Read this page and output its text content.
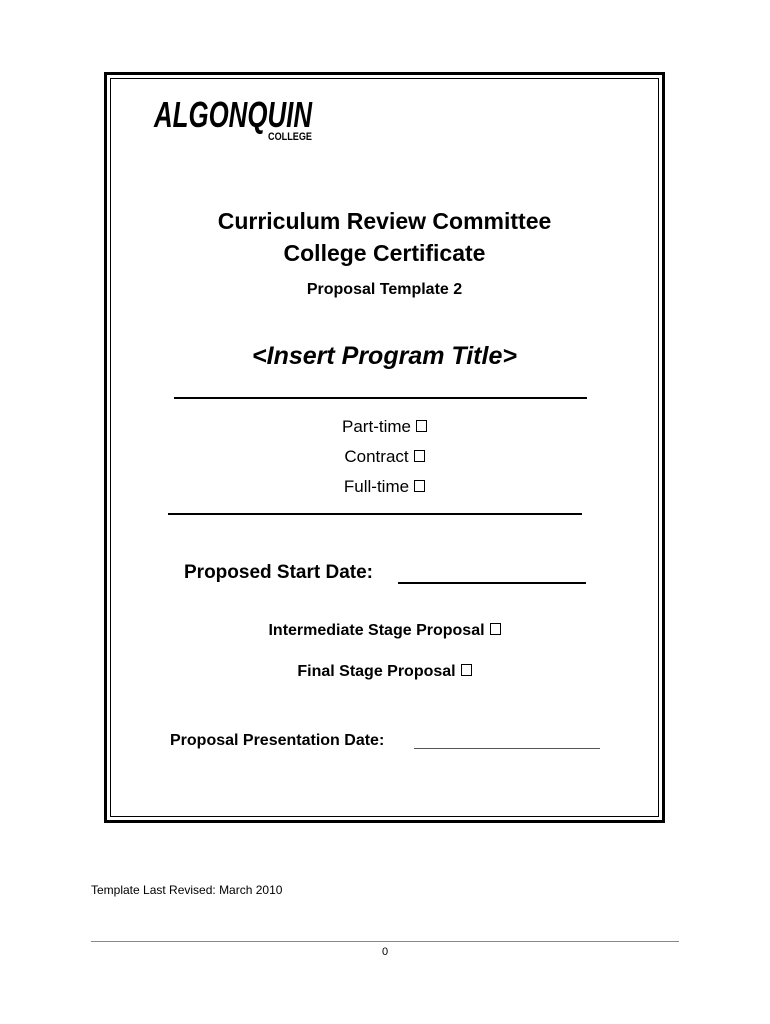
ALGONQUIN
COLLEGE
Curriculum Review Committee
College Certificate
Proposal Template 2
<Insert Program Title>
Part-time
Contract
Full-time
Proposed Start Date:
Intermediate Stage Proposal
Final Stage Proposal
Proposal Presentation Date:
Template Last Revised: March 2010
0
